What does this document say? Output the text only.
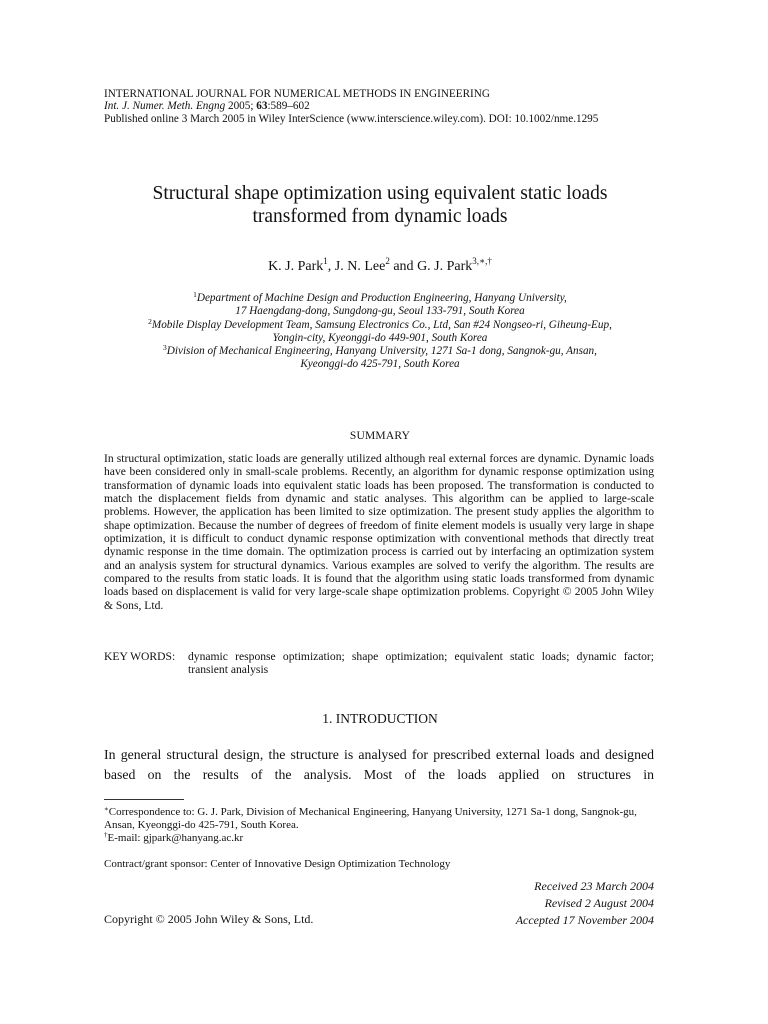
INTERNATIONAL JOURNAL FOR NUMERICAL METHODS IN ENGINEERING
Int. J. Numer. Meth. Engng 2005; 63:589–602
Published online 3 March 2005 in Wiley InterScience (www.interscience.wiley.com). DOI: 10.1002/nme.1295
Structural shape optimization using equivalent static loads
transformed from dynamic loads
K. J. Park$^1$, J. N. Lee$^2$ and G. J. Park$^{3,∗,\dagger}$
$^1$Department of Machine Design and Production Engineering, Hanyang University,
17 Haengdang-dong, Sungdong-gu, Seoul 133-791, South Korea
$^2$Mobile Display Development Team, Samsung Electronics Co., Ltd, San #24 Nongseo-ri, Giheung-Eup,
Yongin-city, Kyeonggi-do 449-901, South Korea
$^3$Division of Mechanical Engineering, Hanyang University, 1271 Sa-1 dong, Sangnok-gu, Ansan,
Kyeonggi-do 425-791, South Korea
SUMMARY
In structural optimization, static loads are generally utilized although real external forces are dynamic. Dynamic loads have been considered only in small-scale problems. Recently, an algorithm for dynamic response optimization using transformation of dynamic loads into equivalent static loads has been proposed. The transformation is conducted to match the displacement fields from dynamic and static analyses. This algorithm can be applied to large-scale problems. However, the application has been limited to size optimization. The present study applies the algorithm to shape optimization. Because the number of degrees of freedom of finite element models is usually very large in shape optimization, it is difficult to conduct dynamic response optimization with conventional methods that directly treat dynamic response in the time domain. The optimization process is carried out by interfacing an optimization system and an analysis system for structural dynamics. Various examples are solved to verify the algorithm. The results are compared to the results from static loads. It is found that the algorithm using static loads transformed from dynamic loads based on displacement is valid for very large-scale shape optimization problems. Copyright © 2005 John Wiley & Sons, Ltd.
KEY WORDS: dynamic response optimization; shape optimization; equivalent static loads; dynamic factor; transient analysis
1. INTRODUCTION
In general structural design, the structure is analysed for prescribed external loads and designed based on the results of the analysis. Most of the loads applied on structures in

∗Correspondence to: G. J. Park, Division of Mechanical Engineering, Hanyang University, 1271 Sa-1 dong, Sangnok-gu, Ansan, Kyeonggi-do 425-791, South Korea.

†E-mail: gjpark@hanyang.ac.kr

Contract/grant sponsor: Center of Innovative Design Optimization Technology
Received 23 March 2004
Revised 2 August 2004
Accepted 17 November 2004
Copyright © 2005 John Wiley & Sons, Ltd.
